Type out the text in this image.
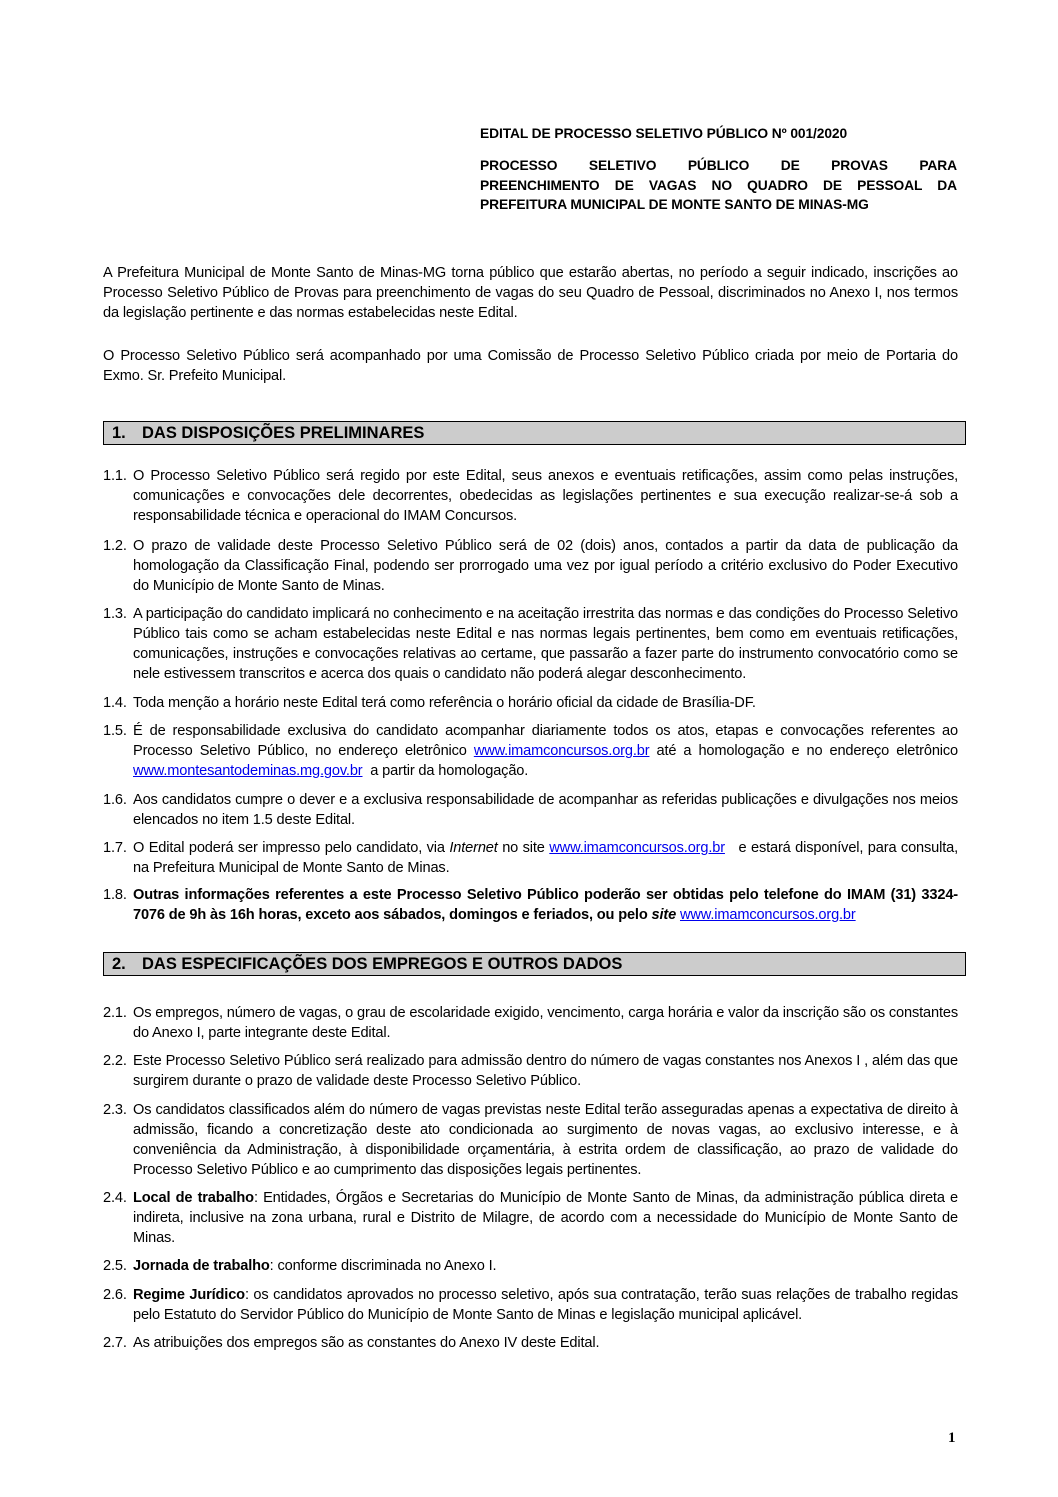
EDITAL DE PROCESSO SELETIVO PÚBLICO Nº 001/2020

PROCESSO SELETIVO PÚBLICO DE PROVAS PARA
PREENCHIMENTO DE VAGAS NO QUADRO DE PESSOAL DA
PREFEITURA MUNICIPAL DE MONTE SANTO DE MINAS-MG

A Prefeitura Municipal de Monte Santo de Minas-MG torna público que estarão abertas, no período a seguir indicado, inscrições ao Processo Seletivo Público de Provas para preenchimento de vagas do seu Quadro de Pessoal, discriminados no Anexo I, nos termos da legislação pertinente e das normas estabelecidas neste Edital.

O Processo Seletivo Público será acompanhado por uma Comissão de Processo Seletivo Público criada por meio de Portaria do Exmo. Sr. Prefeito Municipal.

1. DAS DISPOSIÇÕES PRELIMINARES
1.1. O Processo Seletivo Público será regido por este Edital, seus anexos e eventuais retificações, assim como pelas instruções, comunicações e convocações dele decorrentes, obedecidas as legislações pertinentes e sua execução realizar-se-á sob a responsabilidade técnica e operacional do IMAM Concursos.
1.2. O prazo de validade deste Processo Seletivo Público será de 02 (dois) anos, contados a partir da data de publicação da homologação da Classificação Final, podendo ser prorrogado uma vez por igual período a critério exclusivo do Poder Executivo do Município de Monte Santo de Minas.
1.3. A participação do candidato implicará no conhecimento e na aceitação irrestrita das normas e das condições do Processo Seletivo Público tais como se acham estabelecidas neste Edital e nas normas legais pertinentes, bem como em eventuais retificações, comunicações, instruções e convocações relativas ao certame, que passarão a fazer parte do instrumento convocatório como se nele estivessem transcritos e acerca dos quais o candidato não poderá alegar desconhecimento.
1.4. Toda menção a horário neste Edital terá como referência o horário oficial da cidade de Brasília-DF.
1.5. É de responsabilidade exclusiva do candidato acompanhar diariamente todos os atos, etapas e convocações referentes ao Processo Seletivo Público, no endereço eletrônico www.imamconcursos.org.br até a homologação e no endereço eletrônico www.montesantodeminas.mg.gov.br  a partir da homologação.
1.6. Aos candidatos cumpre o dever e a exclusiva responsabilidade de acompanhar as referidas publicações e divulgações nos meios elencados no item 1.5 deste Edital.
1.7. O Edital poderá ser impresso pelo candidato, via Internet no site www.imamconcursos.org.br   e estará disponível, para consulta, na Prefeitura Municipal de Monte Santo de Minas.
1.8. Outras informações referentes a este Processo Seletivo Público poderão ser obtidas pelo telefone do IMAM (31) 3324-7076 de 9h às 16h horas, exceto aos sábados, domingos e feriados, ou pelo site www.imamconcursos.org.br
2. DAS ESPECIFICAÇÕES DOS EMPREGOS E OUTROS DADOS
2.1. Os empregos, número de vagas, o grau de escolaridade exigido, vencimento, carga horária e valor da inscrição são os constantes do Anexo I, parte integrante deste Edital.
2.2. Este Processo Seletivo Público será realizado para admissão dentro do número de vagas constantes nos Anexos I , além das que surgirem durante o prazo de validade deste Processo Seletivo Público.
2.3. Os candidatos classificados além do número de vagas previstas neste Edital terão asseguradas apenas a expectativa de direito à admissão, ficando a concretização deste ato condicionada ao surgimento de novas vagas, ao exclusivo interesse, e à conveniência da Administração, à disponibilidade orçamentária, à estrita ordem de classificação, ao prazo de validade do Processo Seletivo Público e ao cumprimento das disposições legais pertinentes.
2.4. Local de trabalho: Entidades, Órgãos e Secretarias do Município de Monte Santo de Minas, da administração pública direta e indireta, inclusive na zona urbana, rural e Distrito de Milagre, de acordo com a necessidade do Município de Monte Santo de Minas.
2.5. Jornada de trabalho: conforme discriminada no Anexo I.
2.6. Regime Jurídico: os candidatos aprovados no processo seletivo, após sua contratação, terão suas relações de trabalho regidas pelo Estatuto do Servidor Público do Município de Monte Santo de Minas e legislação municipal aplicável.
2.7. As atribuições dos empregos são as constantes do Anexo IV deste Edital.
1
